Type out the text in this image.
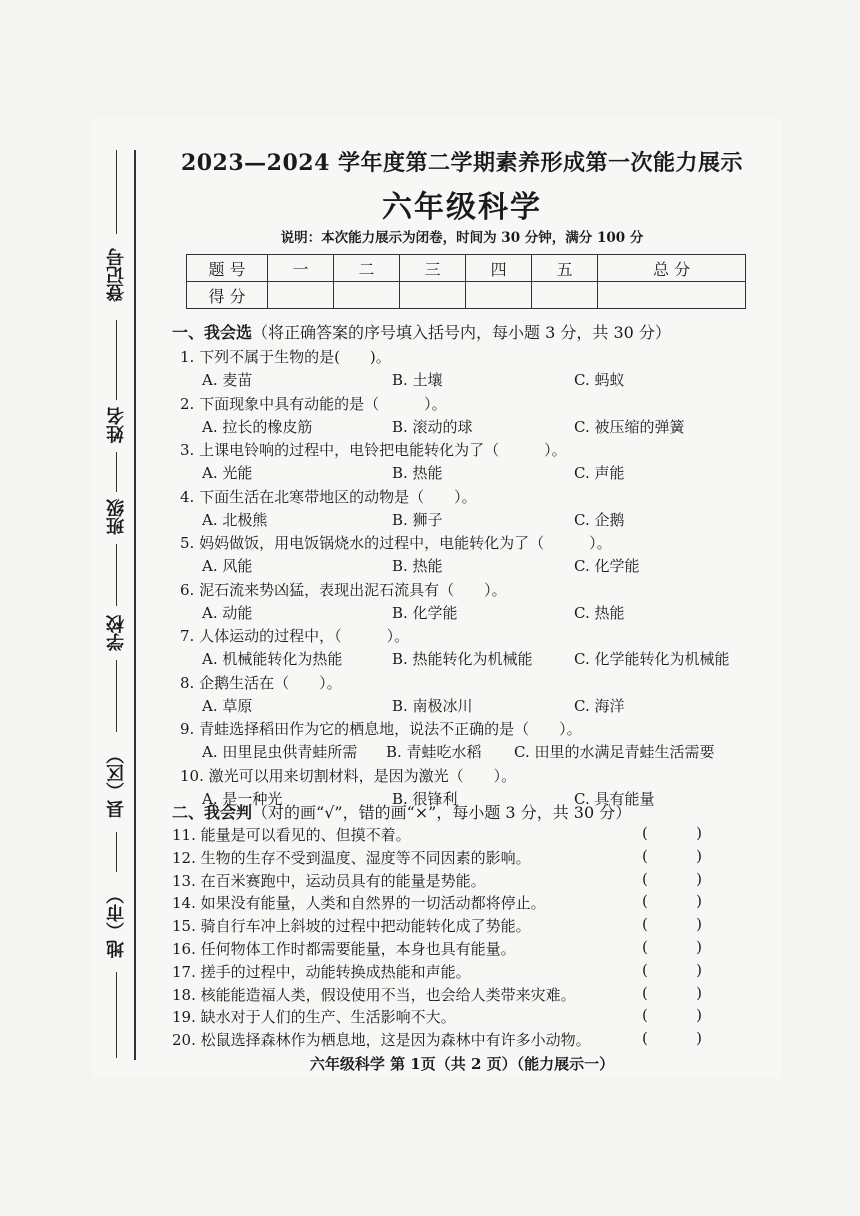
登记号
姓名
班级
学校
县（区）
地（市）
2023—2024 学年度第二学期素养形成第一次能力展示
六年级科学
说明：本次能力展示为闭卷，时间为 30 分钟，满分 100 分
题 号	一	二	三	四	五	总 分
得 分						
一、我会选（将正确答案的序号填入括号内，每小题 3 分，共 30 分）
1. 下列不属于生物的是(　　)。
A. 麦苗	B. 土壤	C. 蚂蚁
2. 下面现象中具有动能的是（　　　）。
A. 拉长的橡皮筋	B. 滚动的球	C. 被压缩的弹簧
3. 上课电铃响的过程中，电铃把电能转化为了（　　　）。
A. 光能	B. 热能	C. 声能
4. 下面生活在北寒带地区的动物是（　　）。
A. 北极熊	B. 狮子	C. 企鹅
5. 妈妈做饭，用电饭锅烧水的过程中，电能转化为了（　　　）。
A. 风能	B. 热能	C. 化学能
6. 泥石流来势凶猛，表现出泥石流具有（　　）。
A. 动能	B. 化学能	C. 热能
7. 人体运动的过程中，（　　　）。
A. 机械能转化为热能	B. 热能转化为机械能	C. 化学能转化为机械能
8. 企鹅生活在（　　）。
A. 草原	B. 南极冰川	C. 海洋
9. 青蛙选择稻田作为它的栖息地，说法不正确的是（　　）。
A. 田里昆虫供青蛙所需 B. 青蛙吃水稻 C. 田里的水满足青蛙生活需要
10. 激光可以用来切割材料，是因为激光（　　）。
A. 是一种光	B. 很锋利	C. 具有能量
二、我会判（对的画“√”，错的画“×”，每小题 3 分，共 30 分）
11. 能量是可以看见的、但摸不着。	(	)
12. 生物的生存不受到温度、湿度等不同因素的影响。	(	)
13. 在百米赛跑中，运动员具有的能量是势能。	(	)
14. 如果没有能量，人类和自然界的一切活动都将停止。	(	)
15. 骑自行车冲上斜坡的过程中把动能转化成了势能。	(	)
16. 任何物体工作时都需要能量，本身也具有能量。	(	)
17. 搓手的过程中，动能转换成热能和声能。	(	)
18. 核能能造福人类，假设使用不当，也会给人类带来灾难。	(	)
19. 缺水对于人们的生产、生活影响不大。	(	)
20. 松鼠选择森林作为栖息地，这是因为森林中有许多小动物。	(	)
六年级科学 第 1页（共 2 页）（能力展示一）
